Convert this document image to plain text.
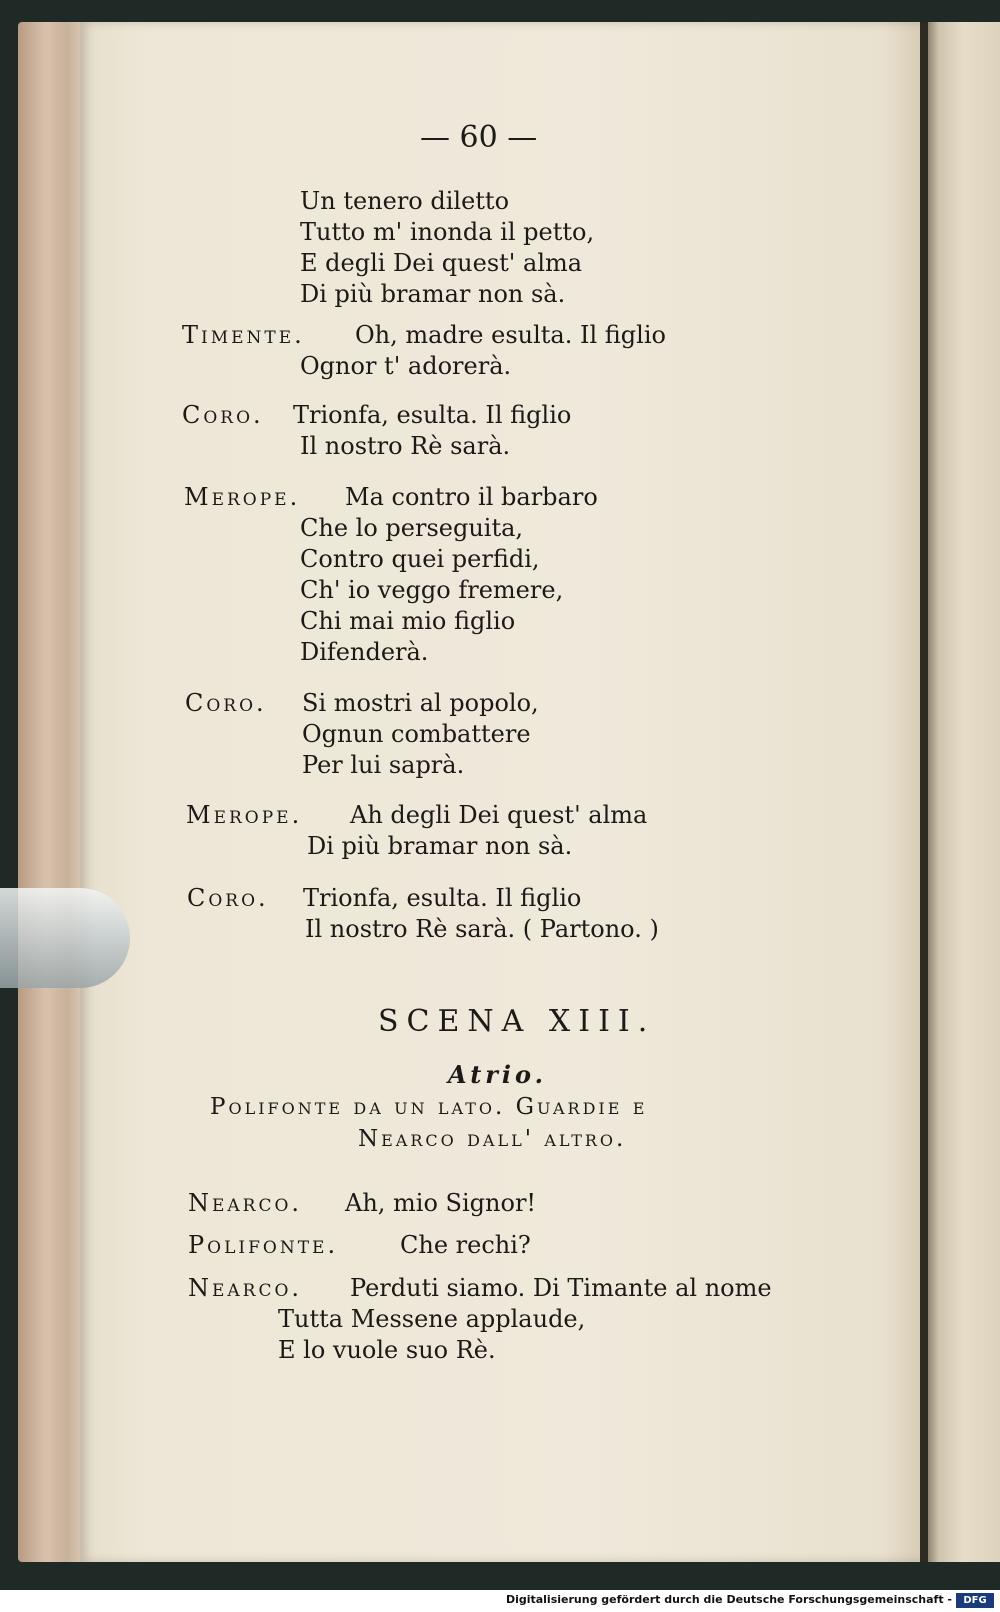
— 60 —
Un tenero diletto
Tutto m' inonda il petto,
E degli Dei quest' alma
Di più bramar non sà.
Timente. Oh, madre esulta. Il figlio
Ognor t' adorerà.
Coro. Trionfa, esulta. Il figlio
Il nostro Rè sarà.
Merope. Ma contro il barbaro
Che lo perseguita,
Contro quei perfidi,
Ch' io veggo fremere,
Chi mai mio figlio
Difenderà.
Coro. Si mostri al popolo,
Ognun combattere
Per lui saprà.
Merope. Ah degli Dei quest' alma
Di più bramar non sà.
Coro. Trionfa, esulta. Il figlio
Il nostro Rè sarà. ( Partono. )
SCENA XIII.
Atrio.
Polifonte da un lato. Guardie e
Nearco dall' altro.
Nearco. Ah, mio Signor!
Polifonte.	Che rechi?
Nearco. Perduti siamo. Di Timante al nome
Tutta Messene applaude,
E lo vuole suo Rè.
Digitalisierung gefördert durch die Deutsche Forschungsgemeinschaft -	DFG
